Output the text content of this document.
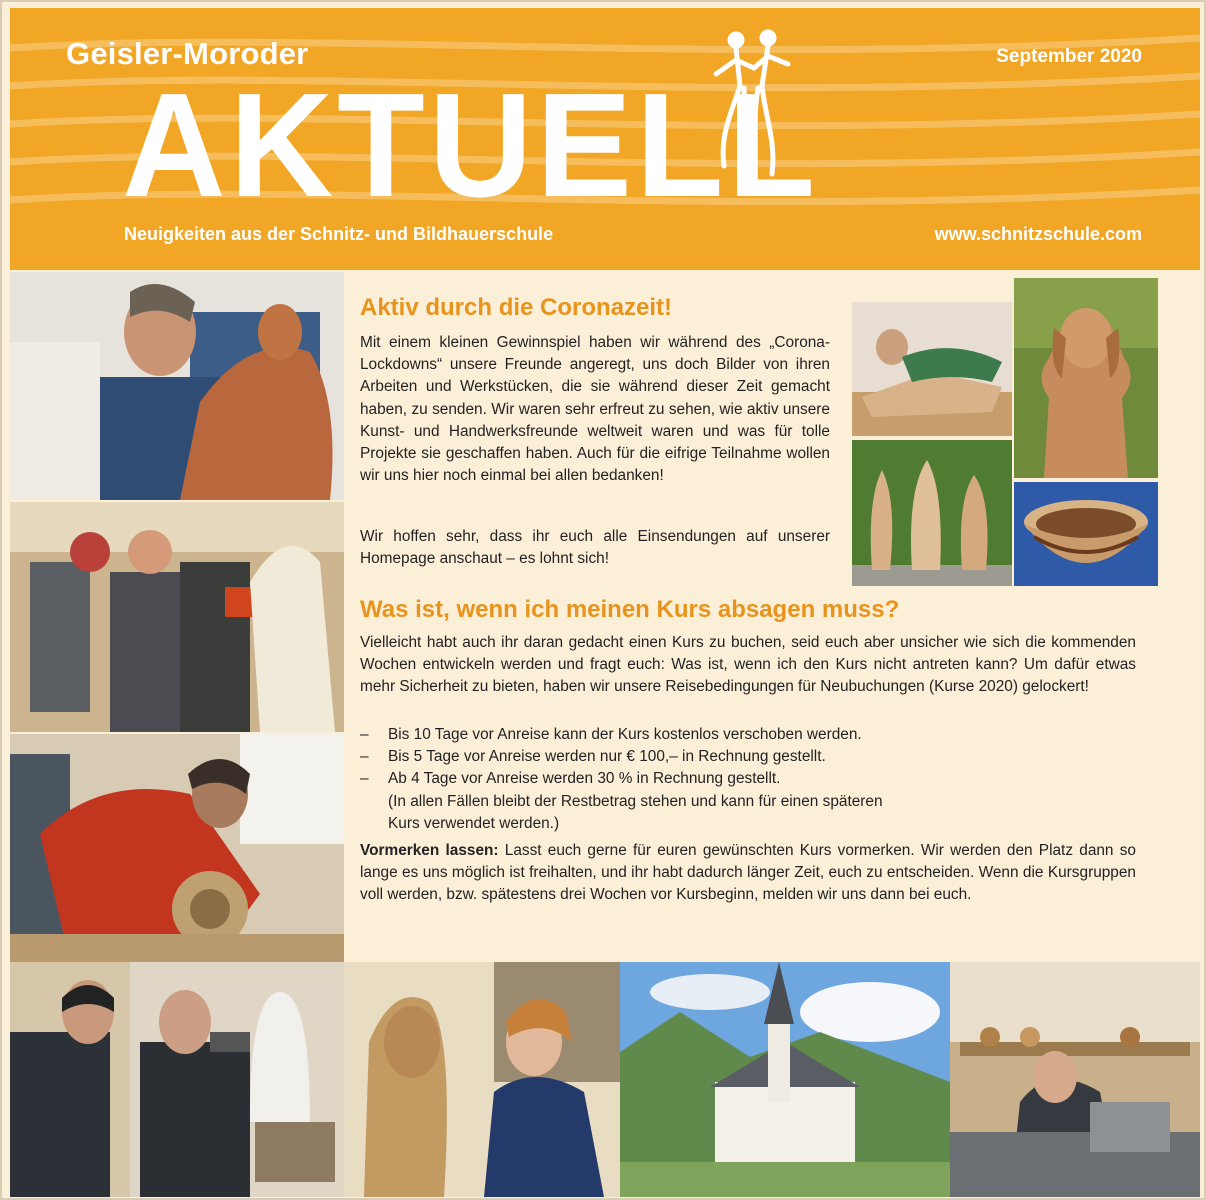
Geisler-Moroder
AKTUELL
September 2020
Neuigkeiten aus der Schnitz- und Bildhauerschule	www.schnitzschule.com
Aktiv durch die Coronazeit!
Mit einem kleinen Gewinnspiel haben wir während des „Corona-Lockdowns“ unsere Freunde angeregt, uns doch Bilder von ihren Arbeiten und Werkstücken, die sie während dieser Zeit gemacht haben, zu senden. Wir waren sehr erfreut zu sehen, wie aktiv unsere Kunst- und Handwerksfreunde weltweit waren und was für tolle Projekte sie geschaffen haben. Auch für die eifrige Teilnahme wollen wir uns hier noch einmal bei allen bedanken!
Wir hoffen sehr, dass ihr euch alle Einsendungen auf unserer Homepage anschaut – es lohnt sich!
Was ist, wenn ich meinen Kurs absagen muss?
Vielleicht habt auch ihr daran gedacht einen Kurs zu buchen, seid euch aber unsicher wie sich die kommenden Wochen entwickeln werden und fragt euch: Was ist, wenn ich den Kurs nicht antreten kann? Um dafür etwas mehr Sicherheit zu bieten, haben wir unsere Reisebedingungen für Neubuchungen (Kurse 2020) gelockert!
–	Bis 10 Tage vor Anreise kann der Kurs kostenlos verschoben werden.
–	Bis 5 Tage vor Anreise werden nur € 100,– in Rechnung gestellt.
–	Ab 4 Tage vor Anreise werden 30 % in Rechnung gestellt.
(In allen Fällen bleibt der Restbetrag stehen und kann für einen späteren
Kurs verwendet werden.)
Vormerken lassen: Lasst euch gerne für euren gewünschten Kurs vormerken. Wir werden den Platz dann so lange es uns möglich ist freihalten, und ihr habt dadurch länger Zeit, euch zu entscheiden. Wenn die Kursgruppen voll werden, bzw. spätestens drei Wochen vor Kursbeginn, melden wir uns dann bei euch.
